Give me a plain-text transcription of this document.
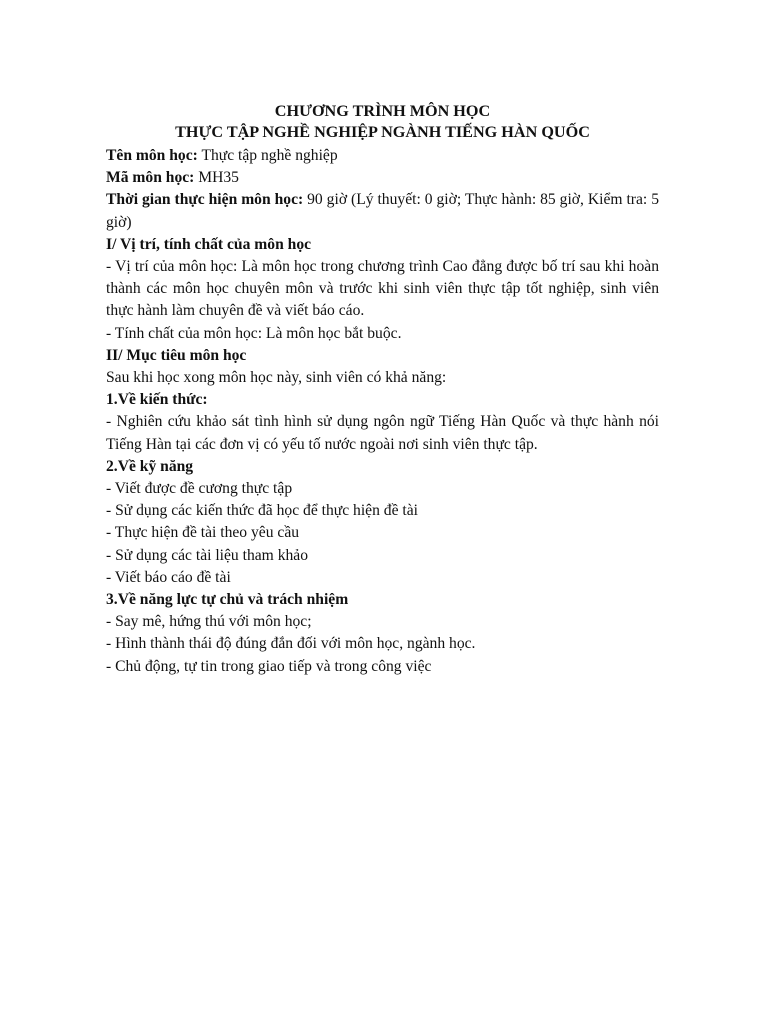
CHƯƠNG TRÌNH MÔN HỌC
THỰC TẬP NGHỀ NGHIỆP NGÀNH TIẾNG HÀN QUỐC

Tên môn học: Thực tập nghề nghiệp

Mã môn học: MH35

Thời gian thực hiện môn học: 90 giờ (Lý thuyết: 0 giờ; Thực hành: 85 giờ, Kiểm tra: 5 giờ)

I/ Vị trí, tính chất của môn học

- Vị trí của môn học: Là môn học trong chương trình Cao đẳng được bố trí sau khi hoàn thành các môn học chuyên môn và trước khi sinh viên thực tập tốt nghiệp, sinh viên thực hành làm chuyên đề và viết báo cáo.

- Tính chất của môn học: Là môn học bắt buộc.

II/ Mục tiêu môn học

Sau khi học xong môn học này, sinh viên có khả năng:

1.Về kiến thức:

- Nghiên cứu khảo sát tình hình sử dụng ngôn ngữ Tiếng Hàn Quốc và thực hành nói Tiếng Hàn tại các đơn vị có yếu tố nước ngoài nơi sinh viên thực tập.

2.Về kỹ năng

- Viết được đề cương thực tập

- Sử dụng các kiến thức đã học để thực hiện đề tài

- Thực hiện đề tài theo yêu cầu

- Sử dụng các tài liệu tham khảo

- Viết báo cáo đề tài

3.Về năng lực tự chủ và trách nhiệm

- Say mê, hứng thú với môn học;

- Hình thành thái độ đúng đắn đối với môn học, ngành học.

- Chủ động, tự tin trong giao tiếp và trong công việc
